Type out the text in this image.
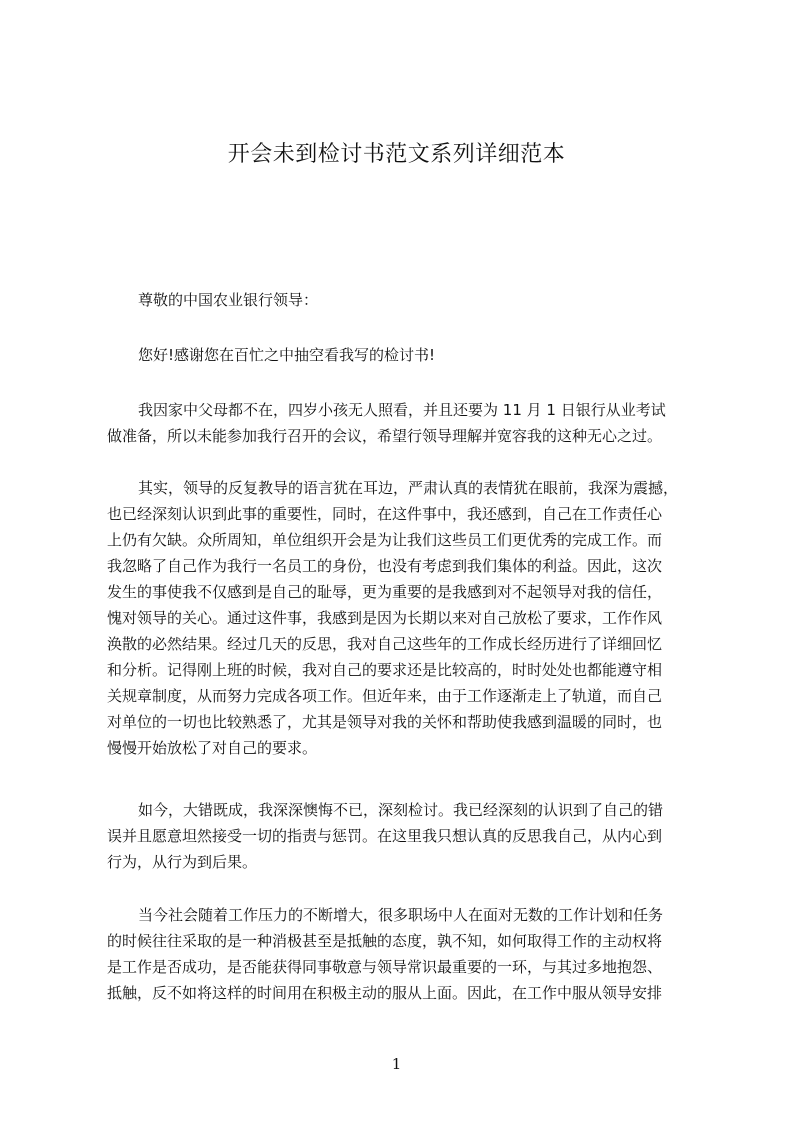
开会未到检讨书范文系列详细范本
尊敬的中国农业银行领导：
您好!感谢您在百忙之中抽空看我写的检讨书!
我因家中父母都不在，四岁小孩无人照看，并且还要为 11 月 1 日银行从业考试
做准备，所以未能参加我行召开的会议，希望行领导理解并宽容我的这种无心之过。
其实，领导的反复教导的语言犹在耳边，严肃认真的表情犹在眼前，我深为震撼，
也已经深刻认识到此事的重要性，同时，在这件事中，我还感到，自己在工作责任心
上仍有欠缺。众所周知，单位组织开会是为让我们这些员工们更优秀的完成工作。而
我忽略了自己作为我行一名员工的身份，也没有考虑到我们集体的利益。因此，这次
发生的事使我不仅感到是自己的耻辱，更为重要的是我感到对不起领导对我的信任，
愧对领导的关心。通过这件事，我感到是因为长期以来对自己放松了要求，工作作风
涣散的必然结果。经过几天的反思，我对自己这些年的工作成长经历进行了详细回忆
和分析。记得刚上班的时候，我对自己的要求还是比较高的，时时处处也都能遵守相
关规章制度，从而努力完成各项工作。但近年来，由于工作逐渐走上了轨道，而自己
对单位的一切也比较熟悉了，尤其是领导对我的关怀和帮助使我感到温暖的同时，也
慢慢开始放松了对自己的要求。
如今，大错既成，我深深懊悔不已，深刻检讨。我已经深刻的认识到了自己的错
误并且愿意坦然接受一切的指责与惩罚。在这里我只想认真的反思我自己，从内心到
行为，从行为到后果。
当今社会随着工作压力的不断增大，很多职场中人在面对无数的工作计划和任务
的时候往往采取的是一种消极甚至是抵触的态度，孰不知，如何取得工作的主动权将
是工作是否成功，是否能获得同事敬意与领导常识最重要的一环，与其过多地抱怨、
抵触，反不如将这样的时间用在积极主动的服从上面。因此，在工作中服从领导安排
1
